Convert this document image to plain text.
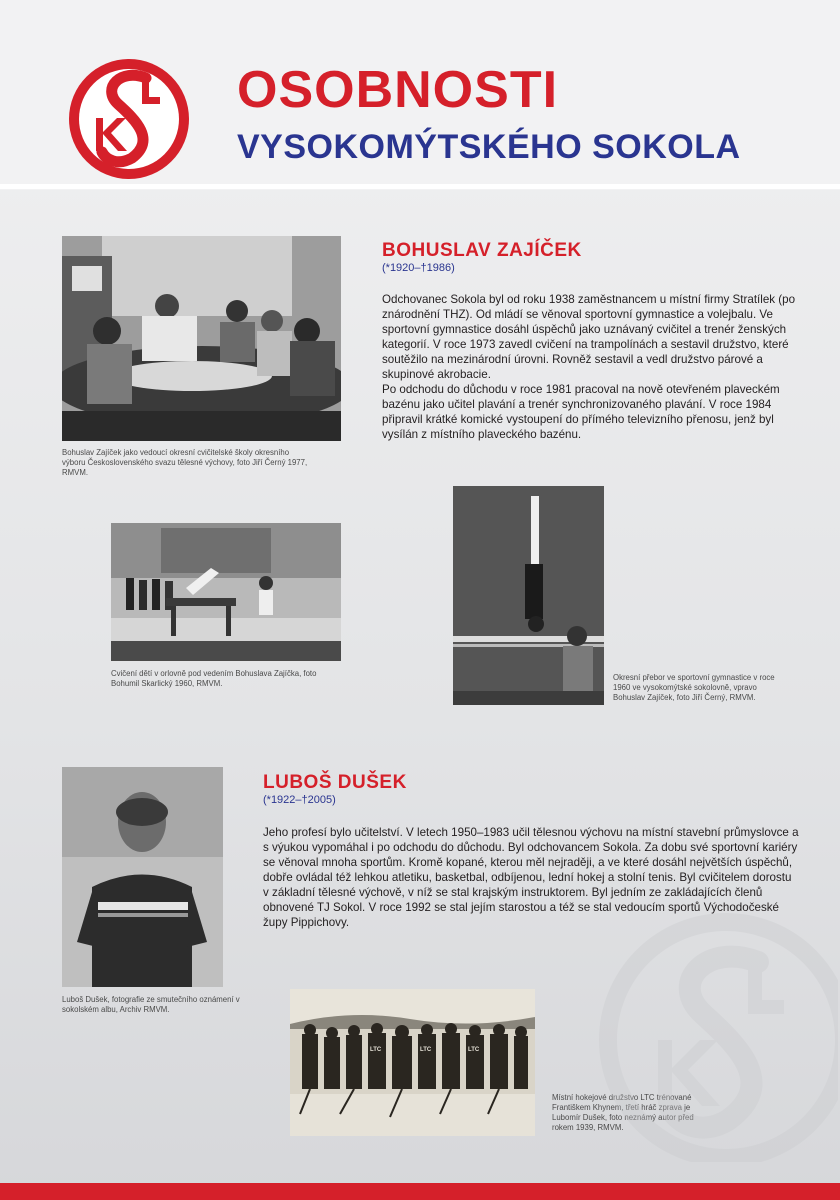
OSOBNOSTI
VYSOKOMÝTSKÉHO SOKOLA
Bohuslav Zajíček jako vedoucí okresní cvičitelské školy okresního výboru Československého svazu tělesné výchovy, foto Jiří Černý 1977, RMVM.
BOHUSLAV ZAJÍČEK
(*1920–†1986)
Odchovanec Sokola byl od roku 1938 zaměstnancem u místní firmy Stratílek (po znárodnění THZ). Od mládí se věnoval sportovní gymnastice a volejbalu. Ve sportovní gymnastice dosáhl úspěchů jako uznávaný cvičitel a trenér ženských kategorií. V roce 1973 zavedl cvičení na trampolínách a sestavil družstvo, které soutěžilo na mezinárodní úrovni. Rovněž sestavil a vedl družstvo párové a skupinové akrobacie.
Po odchodu do důchodu v roce 1981 pracoval na nově otevřeném plaveckém bazénu jako učitel plavání a trenér synchronizovaného plavání. V roce 1984 připravil krátké komické vystoupení do přímého televizního přenosu, jenž byl vysílán z místního plaveckého bazénu.
Cvičení dětí v orlovně pod vedením Bohuslava Zajíčka, foto Bohumil Skarlický 1960, RMVM.
Okresní přebor ve sportovní gymnastice v roce 1960 ve vysokomýtské sokolovně, vpravo Bohuslav Zajíček, foto Jiří Černý, RMVM.
Luboš Dušek, fotografie ze smutečního oznámení v sokolském albu, Archiv RMVM.
LUBOŠ DUŠEK
(*1922–†2005)
Jeho profesí bylo učitelství. V letech 1950–1983 učil tělesnou výchovu na místní stavební průmyslovce a s výukou vypomáhal i po odchodu do důchodu. Byl odchovancem Sokola. Za dobu své sportovní kariéry se věnoval mnoha sportům. Kromě kopané, kterou měl nejraději, a ve které dosáhl největších úspěchů, dobře ovládal též lehkou atletiku, basketbal, odbíjenou, lední hokej a stolní tenis. Byl cvičitelem dorostu v základní tělesné výchově, v níž se stal krajským instruktorem. Byl jedním ze zakládajících členů obnovené TJ Sokol. V roce 1992 se stal jejím starostou a též se stal vedoucím sportů Východočeské župy Pippichovy.
LTC	LTC	LTC
Místní hokejové družstvo LTC trénované Františkem Khynem, třetí hráč zprava je Lubomír Dušek, foto neznámý autor před rokem 1939, RMVM.
